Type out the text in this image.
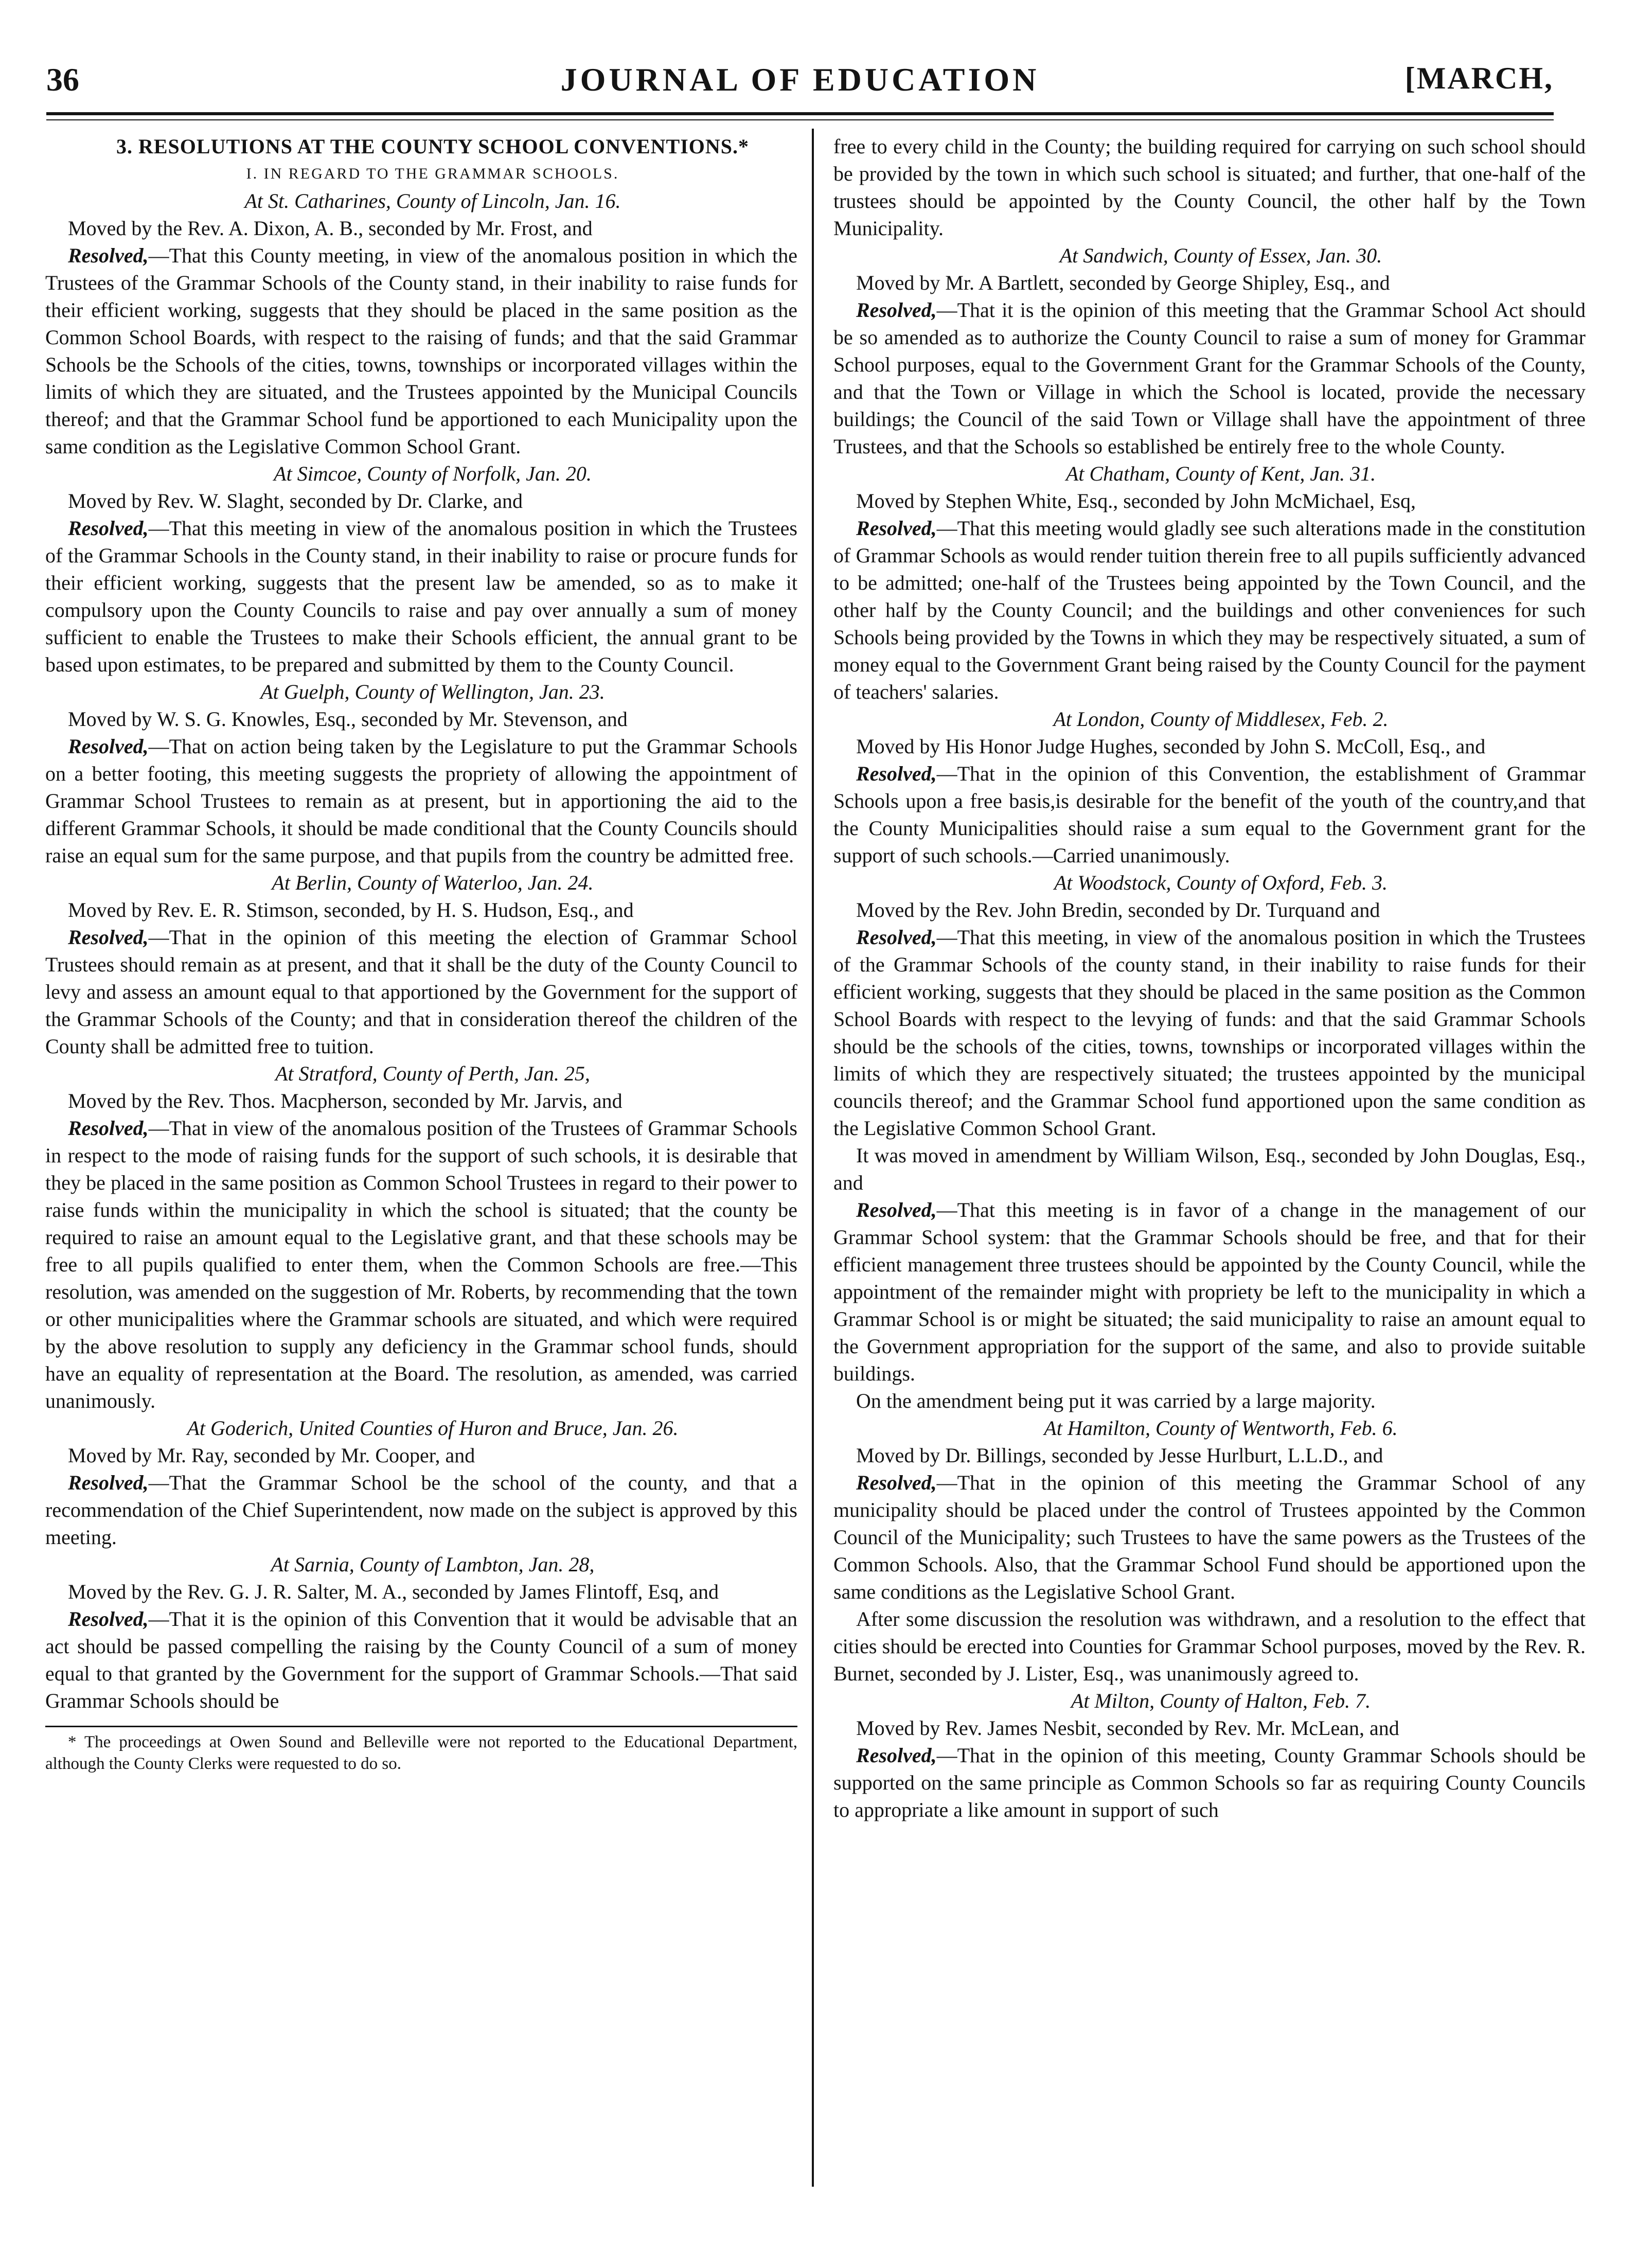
36	JOURNAL OF EDUCATION	[MARCH,

3. RESOLUTIONS AT THE COUNTY SCHOOL CONVENTIONS.*

I. IN REGARD TO THE GRAMMAR SCHOOLS.

At St. Catharines, County of Lincoln, Jan. 16.

Moved by the Rev. A. Dixon, A. B., seconded by Mr. Frost, and

Resolved,—That this County meeting, in view of the anomalous position in which the Trustees of the Grammar Schools of the County stand, in their inability to raise funds for their efficient working, suggests that they should be placed in the same position as the Common School Boards, with respect to the raising of funds; and that the said Grammar Schools be the Schools of the cities, towns, townships or incorporated villages within the limits of which they are situated, and the Trustees appointed by the Municipal Councils thereof; and that the Grammar School fund be apportioned to each Municipality upon the same condition as the Legislative Common School Grant.

At Simcoe, County of Norfolk, Jan. 20.

Moved by Rev. W. Slaght, seconded by Dr. Clarke, and

Resolved,—That this meeting in view of the anomalous position in which the Trustees of the Grammar Schools in the County stand, in their inability to raise or procure funds for their efficient working, suggests that the present law be amended, so as to make it compulsory upon the County Councils to raise and pay over annually a sum of money sufficient to enable the Trustees to make their Schools efficient, the annual grant to be based upon estimates, to be prepared and submitted by them to the County Council.

At Guelph, County of Wellington, Jan. 23.

Moved by W. S. G. Knowles, Esq., seconded by Mr. Stevenson, and

Resolved,—That on action being taken by the Legislature to put the Grammar Schools on a better footing, this meeting suggests the propriety of allowing the appointment of Grammar School Trustees to remain as at present, but in apportioning the aid to the different Grammar Schools, it should be made conditional that the County Councils should raise an equal sum for the same purpose, and that pupils from the country be admitted free.

At Berlin, County of Waterloo, Jan. 24.

Moved by Rev. E. R. Stimson, seconded, by H. S. Hudson, Esq., and

Resolved,—That in the opinion of this meeting the election of Grammar School Trustees should remain as at present, and that it shall be the duty of the County Council to levy and assess an amount equal to that apportioned by the Government for the support of the Grammar Schools of the County; and that in consideration thereof the children of the County shall be admitted free to tuition.

At Stratford, County of Perth, Jan. 25,

Moved by the Rev. Thos. Macpherson, seconded by Mr. Jarvis, and

Resolved,—That in view of the anomalous position of the Trustees of Grammar Schools in respect to the mode of raising funds for the support of such schools, it is desirable that they be placed in the same position as Common School Trustees in regard to their power to raise funds within the municipality in which the school is situated; that the county be required to raise an amount equal to the Legislative grant, and that these schools may be free to all pupils qualified to enter them, when the Common Schools are free.—This resolution, was amended on the suggestion of Mr. Roberts, by recommending that the town or other municipalities where the Grammar schools are situated, and which were required by the above resolution to supply any deficiency in the Grammar school funds, should have an equality of representation at the Board. The resolution, as amended, was carried unanimously.

At Goderich, United Counties of Huron and Bruce, Jan. 26.

Moved by Mr. Ray, seconded by Mr. Cooper, and

Resolved,—That the Grammar School be the school of the county, and that a recommendation of the Chief Superintendent, now made on the subject is approved by this meeting.

At Sarnia, County of Lambton, Jan. 28,

Moved by the Rev. G. J. R. Salter, M. A., seconded by James Flintoff, Esq, and

Resolved,—That it is the opinion of this Convention that it would be advisable that an act should be passed compelling the raising by the County Council of a sum of money equal to that granted by the Government for the support of Grammar Schools.—That said Grammar Schools should be

* The proceedings at Owen Sound and Belleville were not reported to the Educational Department, although the County Clerks were requested to do so.

free to every child in the County; the building required for carrying on such school should be provided by the town in which such school is situated; and further, that one-half of the trustees should be appointed by the County Council, the other half by the Town Municipality.

At Sandwich, County of Essex, Jan. 30.

Moved by Mr. A Bartlett, seconded by George Shipley, Esq., and

Resolved,—That it is the opinion of this meeting that the Grammar School Act should be so amended as to authorize the County Council to raise a sum of money for Grammar School purposes, equal to the Government Grant for the Grammar Schools of the County, and that the Town or Village in which the School is located, provide the necessary buildings; the Council of the said Town or Village shall have the appointment of three Trustees, and that the Schools so established be entirely free to the whole County.

At Chatham, County of Kent, Jan. 31.

Moved by Stephen White, Esq., seconded by John McMichael, Esq,

Resolved,—That this meeting would gladly see such alterations made in the constitution of Grammar Schools as would render tuition therein free to all pupils sufficiently advanced to be admitted; one-half of the Trustees being appointed by the Town Council, and the other half by the County Council; and the buildings and other conveniences for such Schools being provided by the Towns in which they may be respectively situated, a sum of money equal to the Government Grant being raised by the County Council for the payment of teachers' salaries.

At London, County of Middlesex, Feb. 2.

Moved by His Honor Judge Hughes, seconded by John S. McColl, Esq., and

Resolved,—That in the opinion of this Convention, the establishment of Grammar Schools upon a free basis,is desirable for the benefit of the youth of the country,and that the County Municipalities should raise a sum equal to the Government grant for the support of such schools.—Carried unanimously.

At Woodstock, County of Oxford, Feb. 3.

Moved by the Rev. John Bredin, seconded by Dr. Turquand and

Resolved,—That this meeting, in view of the anomalous position in which the Trustees of the Grammar Schools of the county stand, in their inability to raise funds for their efficient working, suggests that they should be placed in the same position as the Common School Boards with respect to the levying of funds: and that the said Grammar Schools should be the schools of the cities, towns, townships or incorporated villages within the limits of which they are respectively situated; the trustees appointed by the municipal councils thereof; and the Grammar School fund apportioned upon the same condition as the Legislative Common School Grant.

It was moved in amendment by William Wilson, Esq., seconded by John Douglas, Esq., and

Resolved,—That this meeting is in favor of a change in the management of our Grammar School system: that the Grammar Schools should be free, and that for their efficient management three trustees should be appointed by the County Council, while the appointment of the remainder might with propriety be left to the municipality in which a Grammar School is or might be situated; the said municipality to raise an amount equal to the Government appropriation for the support of the same, and also to provide suitable buildings.

On the amendment being put it was carried by a large majority.

At Hamilton, County of Wentworth, Feb. 6.

Moved by Dr. Billings, seconded by Jesse Hurlburt, L.L.D., and

Resolved,—That in the opinion of this meeting the Grammar School of any municipality should be placed under the control of Trustees appointed by the Common Council of the Municipality; such Trustees to have the same powers as the Trustees of the Common Schools. Also, that the Grammar School Fund should be apportioned upon the same conditions as the Legislative School Grant.

After some discussion the resolution was withdrawn, and a resolution to the effect that cities should be erected into Counties for Grammar School purposes, moved by the Rev. R. Burnet, seconded by J. Lister, Esq., was unanimously agreed to.

At Milton, County of Halton, Feb. 7.

Moved by Rev. James Nesbit, seconded by Rev. Mr. McLean, and

Resolved,—That in the opinion of this meeting, County Grammar Schools should be supported on the same principle as Common Schools so far as requiring County Councils to appropriate a like amount in support of such
